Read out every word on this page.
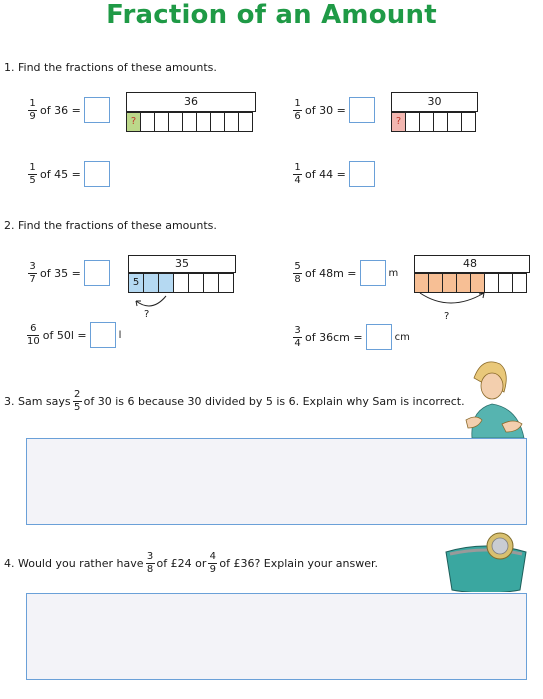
Fraction of an Amount
1. Find the fractions of these amounts.
$\frac{1}{9}$ of 36 =
36
?	$\frac{1}{6}$ of 30 =
30
?
$\frac{1}{5}$ of 45 =	$\frac{1}{4}$ of 44 =
2. Find the fractions of these amounts.
$\frac{3}{7}$ of 35 =
35
5
?
$\frac{5}{8}$ of 48m =	m
48
?
$\frac{6}{10}$ of 50l =	l	$\frac{3}{4}$ of 36cm =	cm
3. Sam says $\frac{2}{5}$ of 30 is 6 because 30 divided by 5 is 6. Explain why Sam is incorrect.
4. Would you rather have $\frac{3}{8}$ of £24 or $\frac{4}{9}$ of £36? Explain your answer.
